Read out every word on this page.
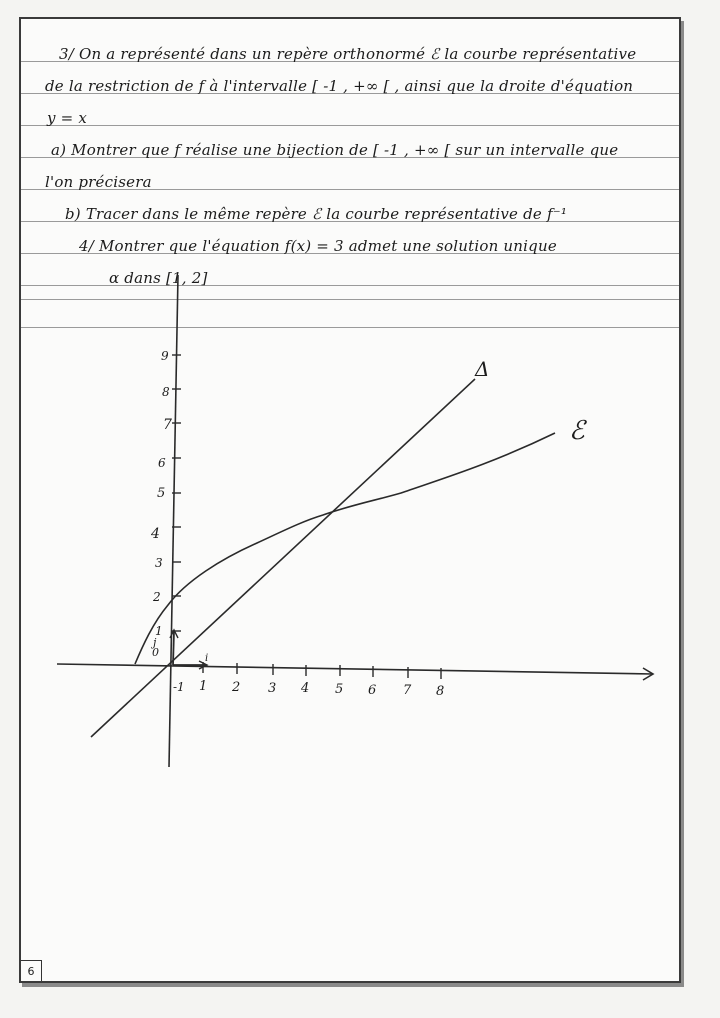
3/ On a représenté dans un repère orthonormé ℰ la courbe représentative
de la restriction de f à l'intervalle [ -1 , +∞ [ , ainsi que la droite d'équation
y = x
a) Montrer que f réalise une bijection de [ -1 , +∞ [ sur un intervalle que
l'on précisera
b) Tracer dans le même repère ℰ la courbe représentative de f⁻¹
4/ Montrer que l'équation f(x) = 3 admet une solution unique
α dans [1, 2]
1
2
3
4
5
6
7
8
9
-1 1 2 3 4 5 6 7 8
0
j
i
Δ
ℰ
6
